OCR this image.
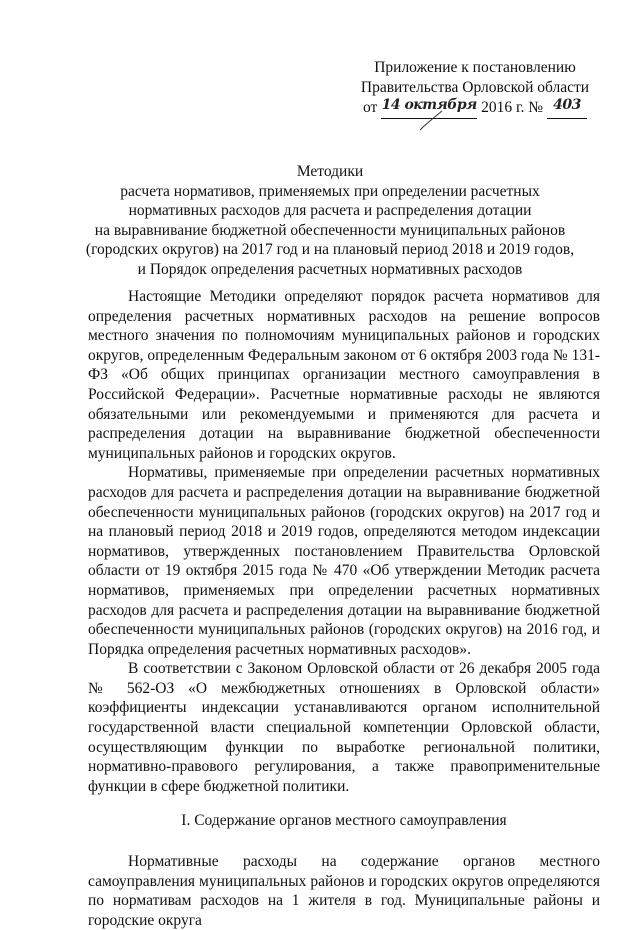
Приложение к постановлению
Правительства Орловской области
от 14 октября 2016 г. № 403
Методики
расчета нормативов, применяемых при определении расчетных
нормативных расходов для расчета и распределения дотации
на выравнивание бюджетной обеспеченности муниципальных районов
(городских округов) на 2017 год и на плановый период 2018 и 2019 годов,
и Порядок определения расчетных нормативных расходов

Настоящие Методики определяют порядок расчета нормативов для определения расчетных нормативных расходов на решение вопросов местного значения по полномочиям муниципальных районов и городских округов, определенным Федеральным законом от 6 октября 2003 года № 131-ФЗ «Об общих принципах организации местного самоуправления в Российской Федерации». Расчетные нормативные расходы не являются обязательными или рекомендуемыми и применяются для расчета и распределения дотации на выравнивание бюджетной обеспеченности муниципальных районов и городских округов.

Нормативы, применяемые при определении расчетных нормативных расходов для расчета и распределения дотации на выравнивание бюджетной обеспеченности муниципальных районов (городских округов) на 2017 год и на плановый период 2018 и 2019 годов, определяются методом индексации нормативов, утвержденных постановлением Правительства Орловской области от 19 октября 2015 года № 470 «Об утверждении Методик расчета нормативов, применяемых при определении расчетных нормативных расходов для расчета и распределения дотации на выравнивание бюджетной обеспеченности муниципальных районов (городских округов) на 2016 год, и Порядка определения расчетных нормативных расходов».

В соответствии с Законом Орловской области от 26 декабря 2005 года № 562-ОЗ «О межбюджетных отношениях в Орловской области» коэффициенты индексации устанавливаются органом исполнительной государственной власти специальной компетенции Орловской области, осуществляющим функции по выработке региональной политики, нормативно-правового регулирования, а также правоприменительные функции в сфере бюджетной политики.

I. Содержание органов местного самоуправления

Нормативные расходы на содержание органов местного самоуправления муниципальных районов и городских округов определяются по нормативам расходов на 1 жителя в год. Муниципальные районы и городские округа
